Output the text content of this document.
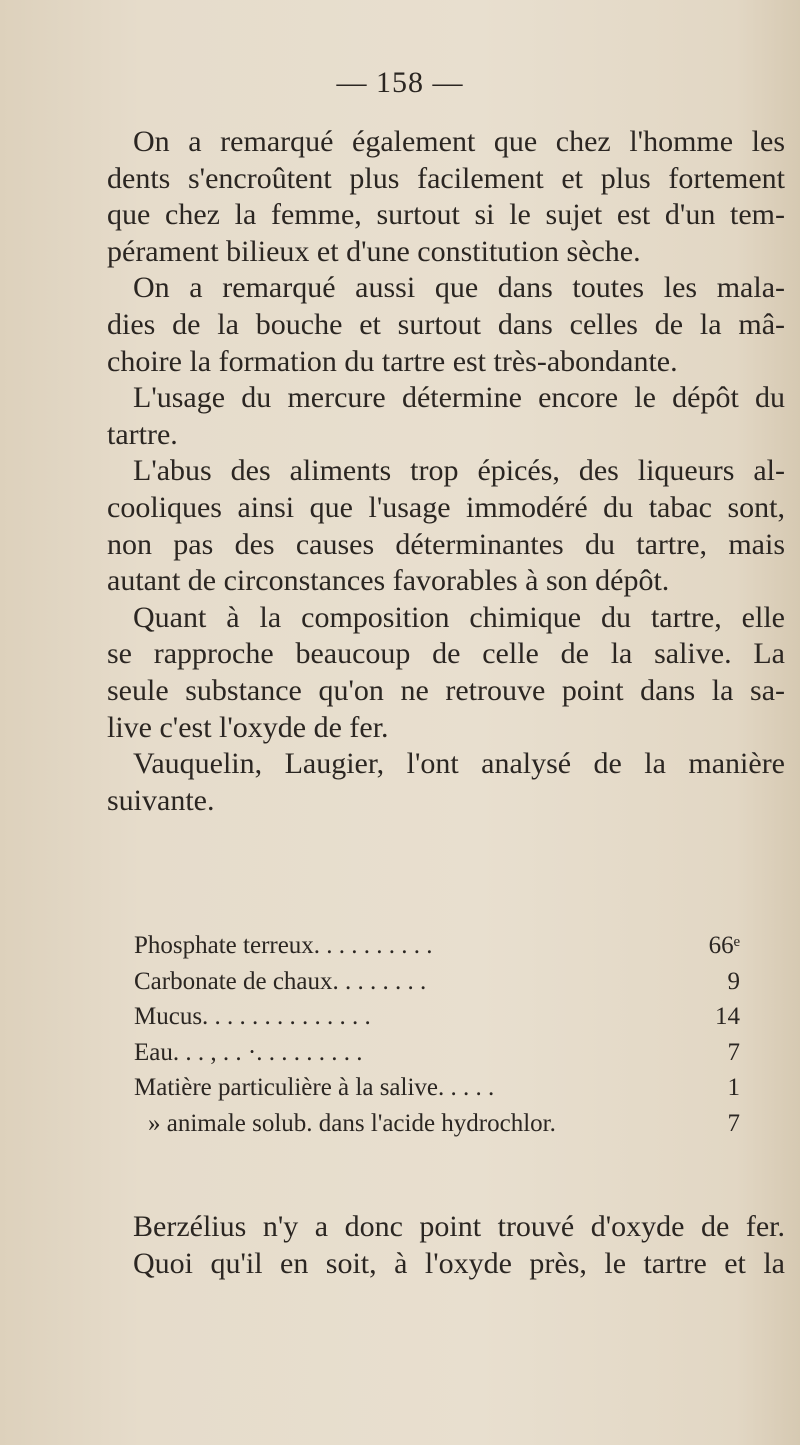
— 158 —
On a remarqué également que chez l'homme les
dents s'encroûtent plus facilement et plus fortement
que chez la femme, surtout si le sujet est d'un tem-
pérament bilieux et d'une constitution sèche.
On a remarqué aussi que dans toutes les mala-
dies de la bouche et surtout dans celles de la mâ-
choire la formation du tartre est très-abondante.
L'usage du mercure détermine encore le dépôt du
tartre.
L'abus des aliments trop épicés, des liqueurs al-
cooliques ainsi que l'usage immodéré du tabac sont,
non pas des causes déterminantes du tartre, mais
autant de circonstances favorables à son dépôt.
Quant à la composition chimique du tartre, elle
se rapproche beaucoup de celle de la salive. La
seule substance qu'on ne retrouve point dans la sa-
live c'est l'oxyde de fer.
Vauquelin, Laugier, l'ont analysé de la manière
suivante.
Phosphate terreux. . . . . . . . . .	66ᵉ
Carbonate de chaux. . . . . . . .	9
Mucus. . . . . . . . . . . . . .	14
Eau. . . , . . ·. . . . . . . . .	7
Matière particulière à la salive. . . . .	1
» animale solub. dans l'acide hydrochlor.	7
Berzélius n'y a donc point trouvé d'oxyde de fer.
Quoi qu'il en soit, à l'oxyde près, le tartre et la
